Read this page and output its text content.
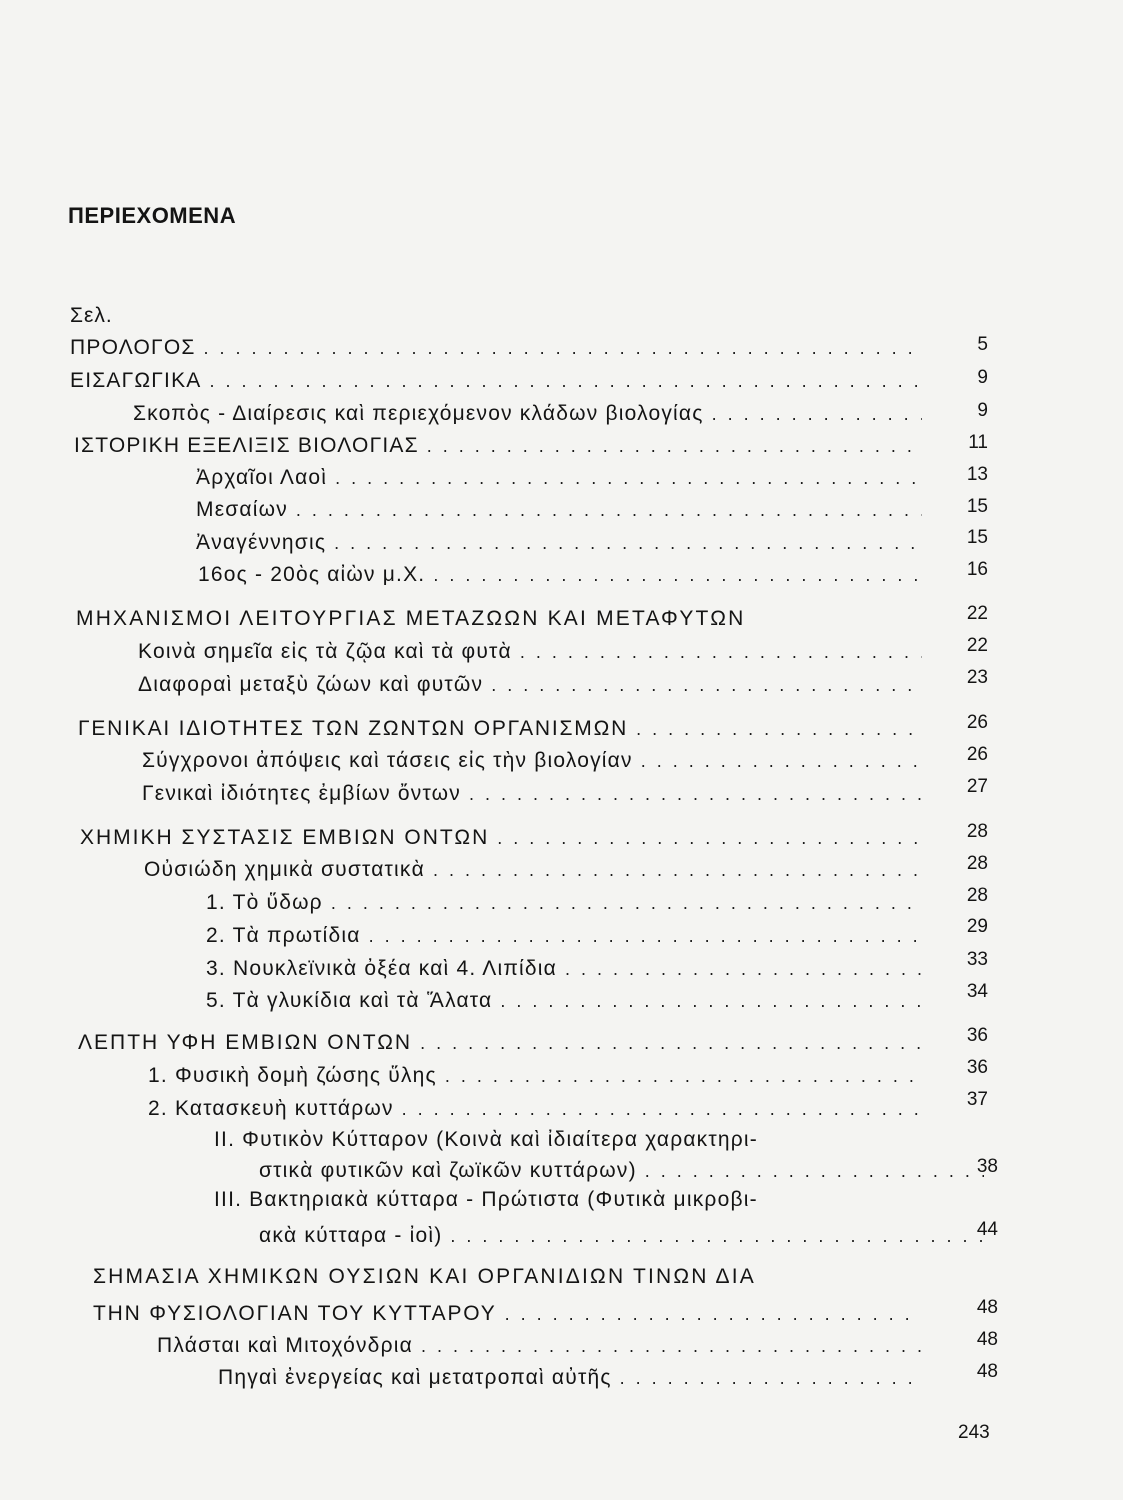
ΠΕΡΙΕΧΟΜΕΝΑ
Σελ.
ΠΡΟΛΟΓΟΣ . . .	5
ΕΙΣΑΓΩΓΙΚΑ . . .	9
Σκοπὸς - Διαίρεσις καὶ περιεχόμενον κλάδων βιολογίας . . .	9
ΙΣΤΟΡΙΚΗ ΕΞΕΛΙΞΙΣ ΒΙΟΛΟΓΙΑΣ . . .	11
Ἀρχαῖοι Λαοὶ . . .	13
Μεσαίων . . .	15
Ἀναγέννησις . . .	15
16ος - 20ὸς αἰὼν μ.Χ. . . .	16
ΜΗΧΑΝΙΣΜΟΙ ΛΕΙΤΟΥΡΓΙΑΣ ΜΕΤΑΖΩΩΝ ΚΑΙ ΜΕΤΑΦΥΤΩΝ	22
Κοινὰ σημεῖα εἰς τὰ ζῷα καὶ τὰ φυτὰ . . .	22
Διαφοραὶ μεταξὺ ζώων καὶ φυτῶν . . .	23
ΓΕΝΙΚΑΙ ΙΔΙΟΤΗΤΕΣ ΤΩΝ ΖΩΝΤΩΝ ΟΡΓΑΝΙΣΜΩΝ . . .	26
Σύγχρονοι ἀπόψεις καὶ τάσεις εἰς τὴν βιολογίαν . . .	26
Γενικαὶ ἰδιότητες ἐμβίων ὄντων . . .	27
ΧΗΜΙΚΗ ΣΥΣΤΑΣΙΣ ΕΜΒΙΩΝ ΟΝΤΩΝ . . .	28
Οὐσιώδη χημικὰ συστατικὰ . . .	28
1. Τὸ ὕδωρ . . .	28
2. Τὰ πρωτίδια . . .	29
3. Νουκλεϊνικὰ ὀξέα καὶ 4. Λιπίδια . . .	33
5. Τὰ γλυκίδια καὶ τὰ Ἅλατα . . .	34
ΛΕΠΤΗ ΥΦΗ ΕΜΒΙΩΝ ΟΝΤΩΝ . . .	36
1. Φυσικὴ δομὴ ζώσης ὕλης . . .	36
2. Κατασκευὴ κυττάρων . . .	37
II. Φυτικὸν Κύτταρον (Κοινὰ καὶ ἰδιαίτερα χαρακτηρι-
στικὰ φυτικῶν καὶ ζωϊκῶν κυττάρων) . . .	38
III. Βακτηριακὰ κύτταρα - Πρώτιστα (Φυτικὰ μικροβι-
ακὰ κύτταρα - ἰοὶ) . . .	44
ΣΗΜΑΣΙΑ ΧΗΜΙΚΩΝ ΟΥΣΙΩΝ ΚΑΙ ΟΡΓΑΝΙΔΙΩΝ ΤΙΝΩΝ ΔΙΑ
ΤΗΝ ΦΥΣΙΟΛΟΓΙΑΝ ΤΟΥ ΚΥΤΤΑΡΟΥ . . .	48
Πλάσται καὶ Μιτοχόνδρια . . .	48
Πηγαὶ ἐνεργείας καὶ μετατροπαὶ αὐτῆς . . .	48
243
